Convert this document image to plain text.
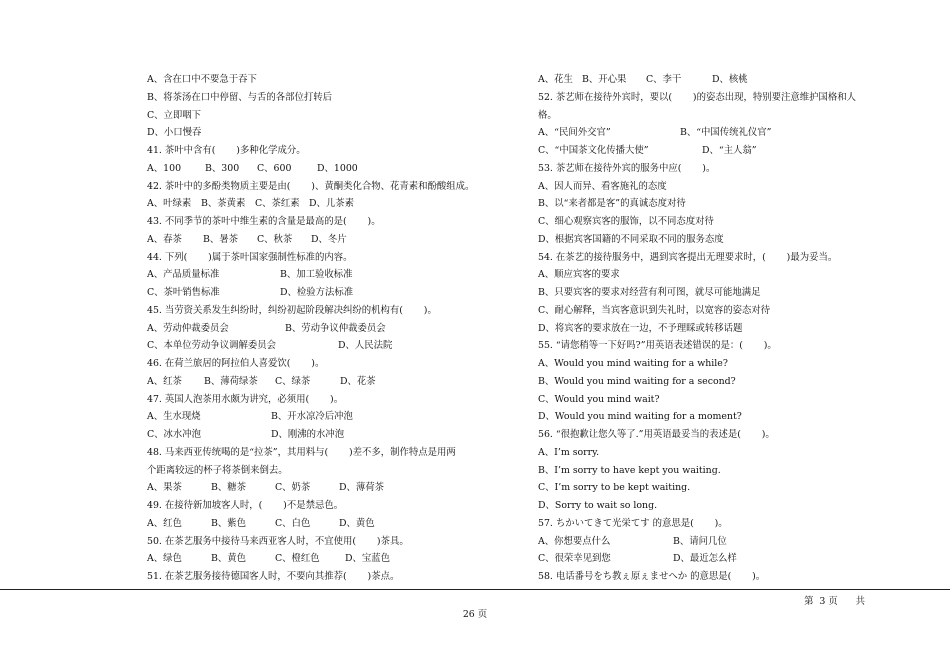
A、含在口中不要急于吞下
B、将茶汤在口中停留、与舌的各部位打转后
C、立即咽下
D、小口慢吞
41. 茶叶中含有(       )多种化学成分。
A、100	B、300 C、600	D、1000
42. 茶叶中的多酚类物质主要是由(       )、黄酮类化合物、花青素和酚酸组成。
A、叶绿素 B、茶黄素 C、茶红素 D、儿茶素
43. 不同季节的茶叶中维生素的含量是最高的是(       )。
A、春茶 B、暑茶 C、秋茶 D、冬片
44. 下列(       )属于茶叶国家强制性标准的内容。
A、产品质量标准	B、加工验收标准
C、茶叶销售标准	D、检验方法标准
45. 当劳资关系发生纠纷时，纠纷初起阶段解决纠纷的机构有(       )。
A、劳动仲裁委员会	B、劳动争议仲裁委员会
C、本单位劳动争议调解委员会	D、人民法院
46. 在荷兰旅居的阿拉伯人喜爱饮(       )。
A、红茶 B、薄荷绿茶 C、绿茶	D、花茶
47. 英国人泡茶用水颇为讲究，必须用(       )。
A、生水现烧	B、开水凉冷后冲泡
C、冰水冲泡	D、刚沸的水冲泡
48. 马来西亚传统喝的是“拉茶”，其用料与(       )差不多，制作特点是用两
个距离较远的杯子将茶倒来倒去。
A、果茶	B、糖茶	C、奶茶	D、薄荷茶
49. 在接待新加坡客人时，(       )不是禁忌色。
A、红色	B、紫色	C、白色	D、黄色
50. 在茶艺服务中接待马来西亚客人时，不宜使用(       )茶具。
A、绿色	B、黄色	C、橙红色	D、宝蓝色
51. 在茶艺服务接待德国客人时，不要向其推荐(       )茶点。
A、花生 B、开心果 C、李干	D、核桃
52. 茶艺师在接待外宾时，要以(       )的姿态出现，特别要注意维护国格和人
格。
A、“民间外交官”	B、“中国传统礼仪官”
C、“中国茶文化传播大使”	D、“主人翁”
53. 茶艺师在接待外宾的服务中应(       )。
A、因人而异、看客施礼的态度
B、以“来者都是客”的真诚态度对待
C、细心观察宾客的服饰，以不同态度对待
D、根据宾客国籍的不同采取不同的服务态度
54. 在茶艺的接待服务中，遇到宾客提出无理要求时，(       )最为妥当。
A、顺应宾客的要求
B、只要宾客的要求对经营有利可图，就尽可能地满足
C、耐心解释，当宾客意识到失礼时，以宽容的姿态对待
D、将宾客的要求放在一边，不予理睬或转移话题
55. “请您稍等一下好吗?”用英语表述错误的是：(       )。
A、Would you mind waiting for a while?
B、Would you mind waiting for a second?
C、Would you mind wait?
D、Would you mind waiting for a moment?
56. “很抱歉让您久等了.”用英语最妥当的表述是(       )。
A、I’m sorry.
B、I’m sorry to have kept you waiting.
C、I’m sorry to be kept waiting.
D、Sorry to wait so long.
57. ちかいてきて光栄てす 的意思是(       )。
A、你想要点什么	B、请问几位
C、很荣幸见到您	D、最近怎么样
58. 电话番号をち教ぇ原ぇませへか 的意思是(       )。
26 页
第  3 页      共
